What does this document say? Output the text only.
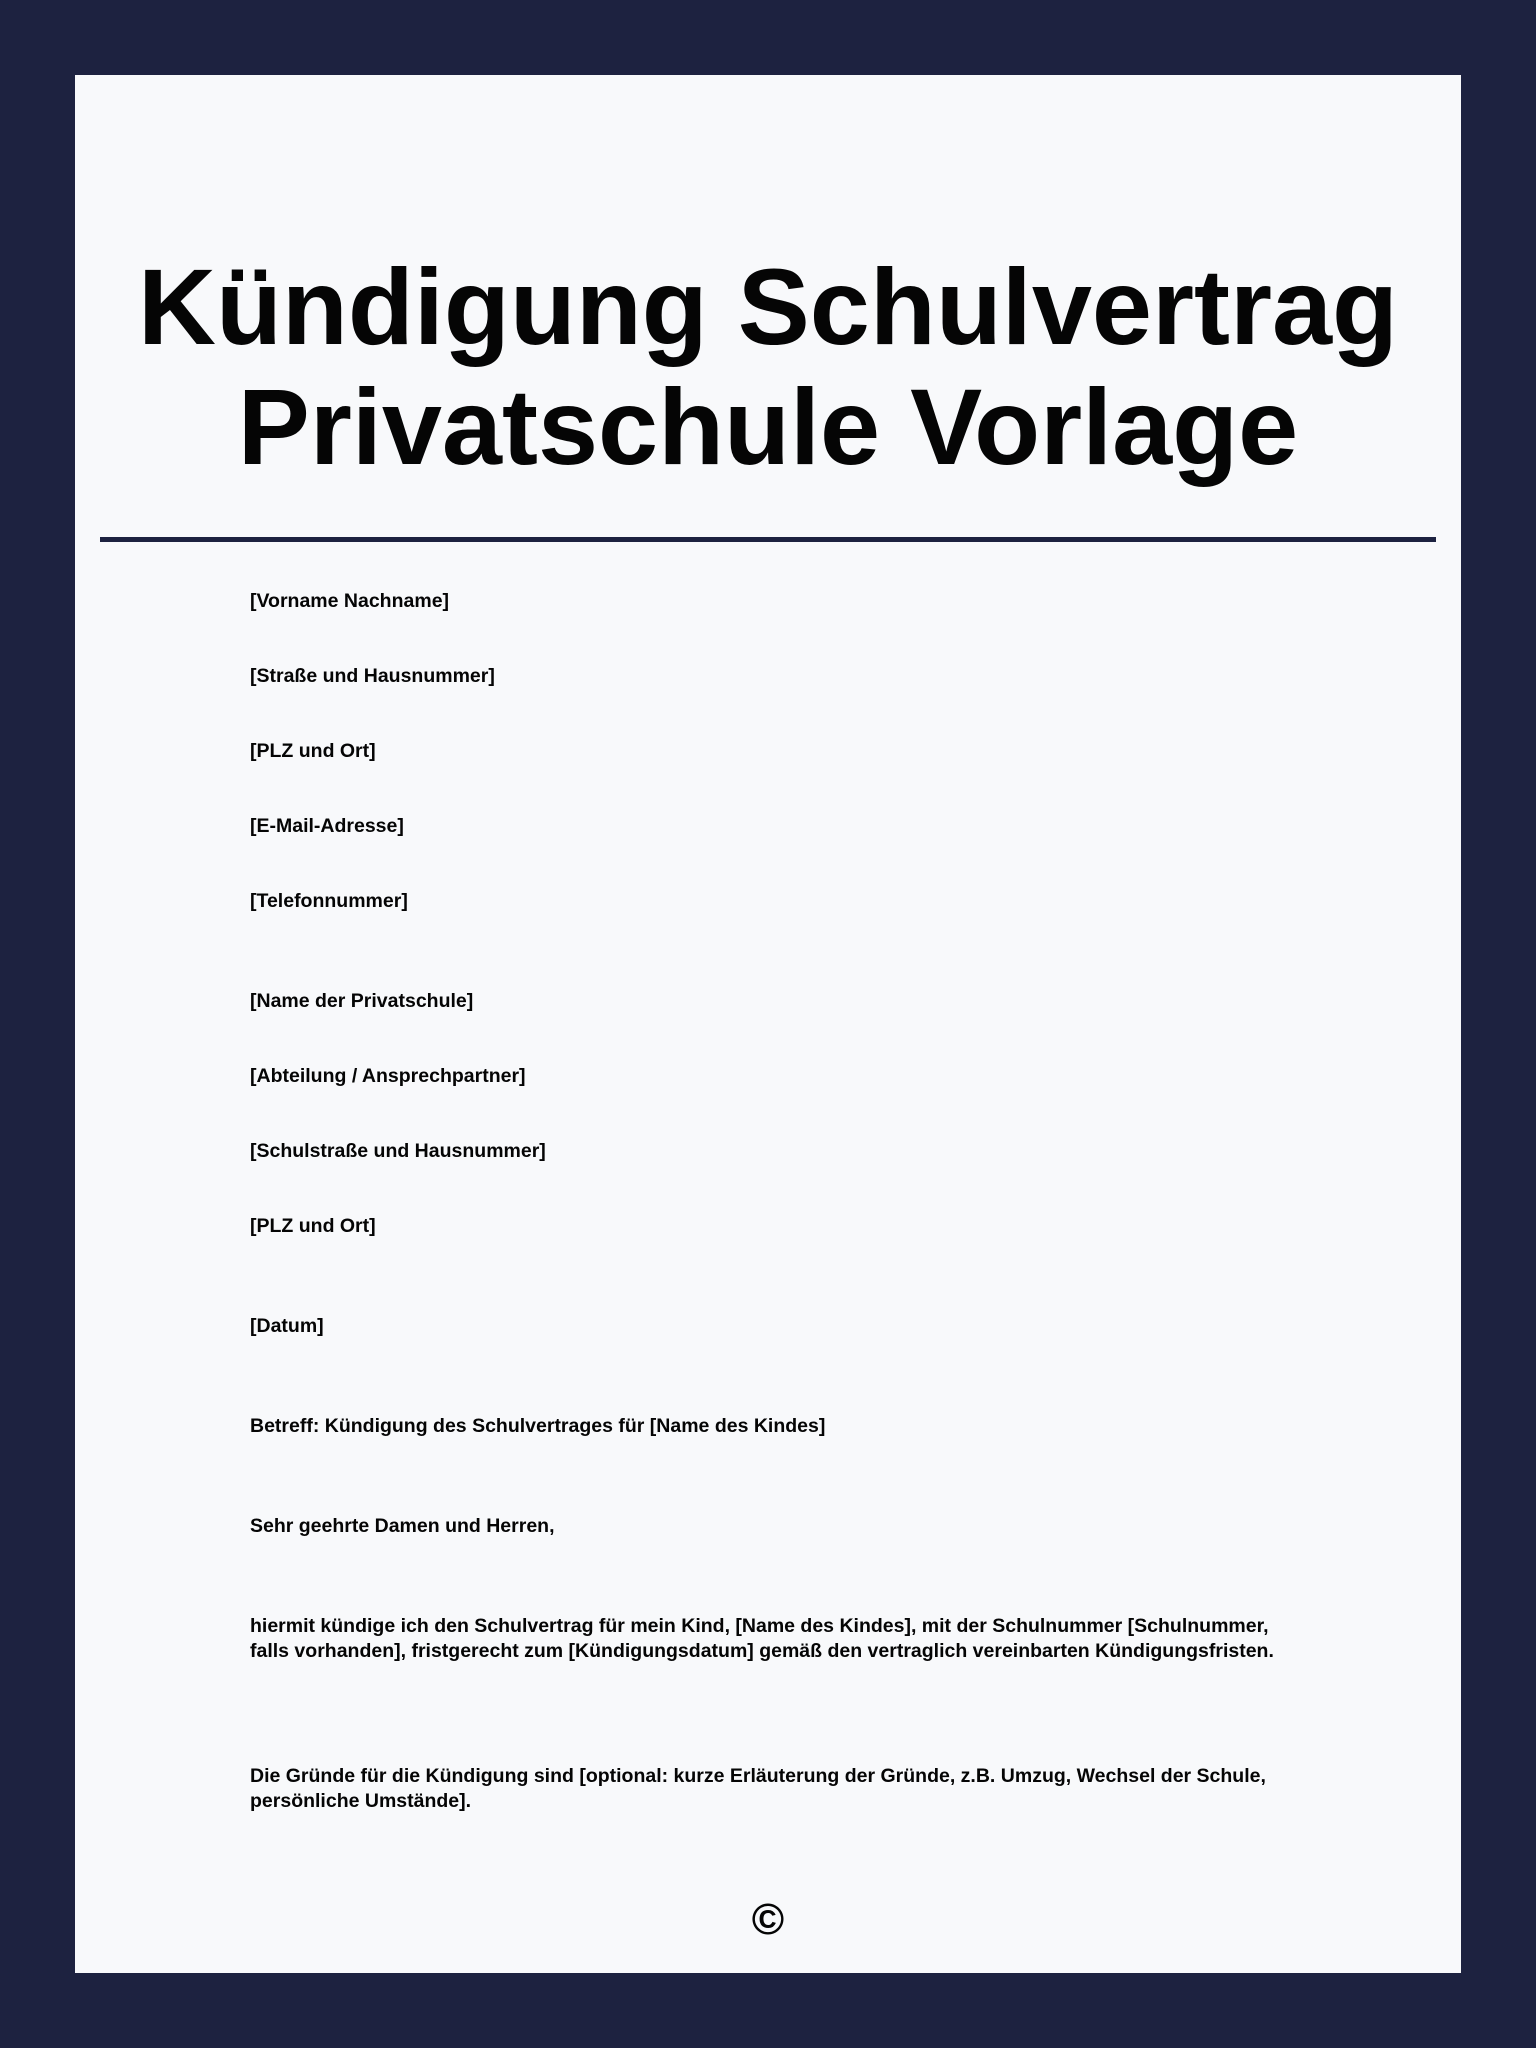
Kündigung Schulvertrag
Privatschule Vorlage

[Vorname Nachname]

[Straße und Hausnummer]

[PLZ und Ort]

[E-Mail-Adresse]

[Telefonnummer]

[Name der Privatschule]

[Abteilung / Ansprechpartner]

[Schulstraße und Hausnummer]

[PLZ und Ort]

[Datum]

Betreff: Kündigung des Schulvertrages für [Name des Kindes]

Sehr geehrte Damen und Herren,

hiermit kündige ich den Schulvertrag für mein Kind, [Name des Kindes], mit der Schulnummer [Schulnummer, falls vorhanden], fristgerecht zum [Kündigungsdatum] gemäß den vertraglich vereinbarten Kündigungsfristen.

Die Gründe für die Kündigung sind [optional: kurze Erläuterung der Gründe, z.B. Umzug, Wechsel der Schule, persönliche Umstände].

©
